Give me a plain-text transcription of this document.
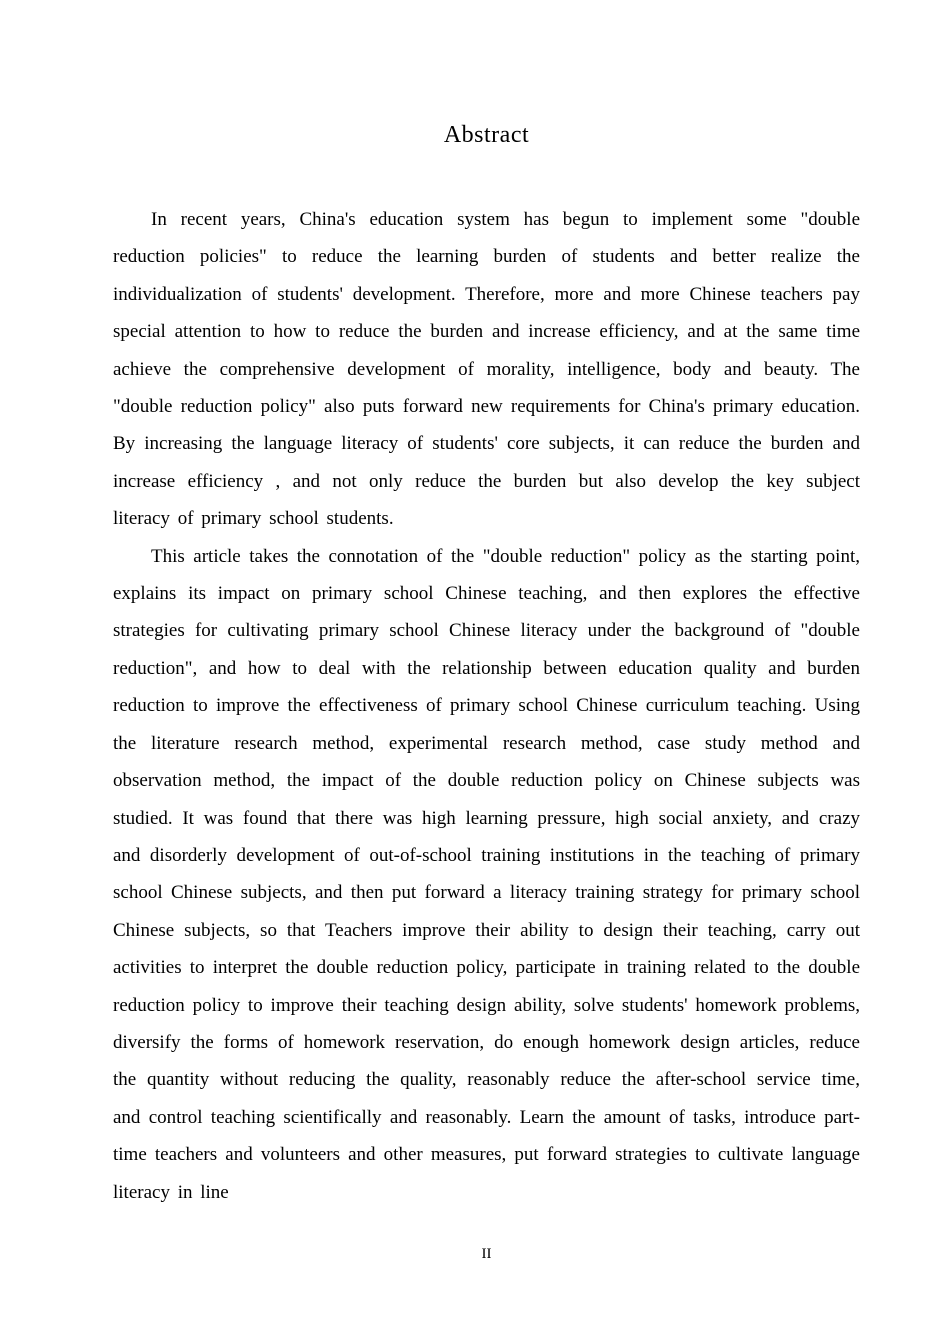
Abstract

In recent years, China's education system has begun to implement some "double reduction policies" to reduce the learning burden of students and better realize the individualization of students' development. Therefore, more and more Chinese teachers pay special attention to how to reduce the burden and increase efficiency, and at the same time achieve the comprehensive development of morality, intelligence, body and beauty. The "double reduction policy" also puts forward new requirements for China's primary education. By increasing the language literacy of students' core subjects, it can reduce the burden and increase efficiency , and not only reduce the burden but also develop the key subject literacy of primary school students.

This article takes the connotation of the "double reduction" policy as the starting point, explains its impact on primary school Chinese teaching, and then explores the effective strategies for cultivating primary school Chinese literacy under the background of "double reduction", and how to deal with the relationship between education quality and burden reduction to improve the effectiveness of primary school Chinese curriculum teaching. Using the literature research method, experimental research method, case study method and observation method, the impact of the double reduction policy on Chinese subjects was studied. It was found that there was high learning pressure, high social anxiety, and crazy and disorderly development of out-of-school training institutions in the teaching of primary school Chinese subjects, and then put forward a literacy training strategy for primary school Chinese subjects, so that Teachers improve their ability to design their teaching, carry out activities to interpret the double reduction policy, participate in training related to the double reduction policy to improve their teaching design ability, solve students' homework problems, diversify the forms of homework reservation, do enough homework design articles, reduce the quantity without reducing the quality, reasonably reduce the after-school service time, and control teaching scientifically and reasonably. Learn the amount of tasks, introduce part-time teachers and volunteers and other measures, put forward strategies to cultivate language literacy in line

II
